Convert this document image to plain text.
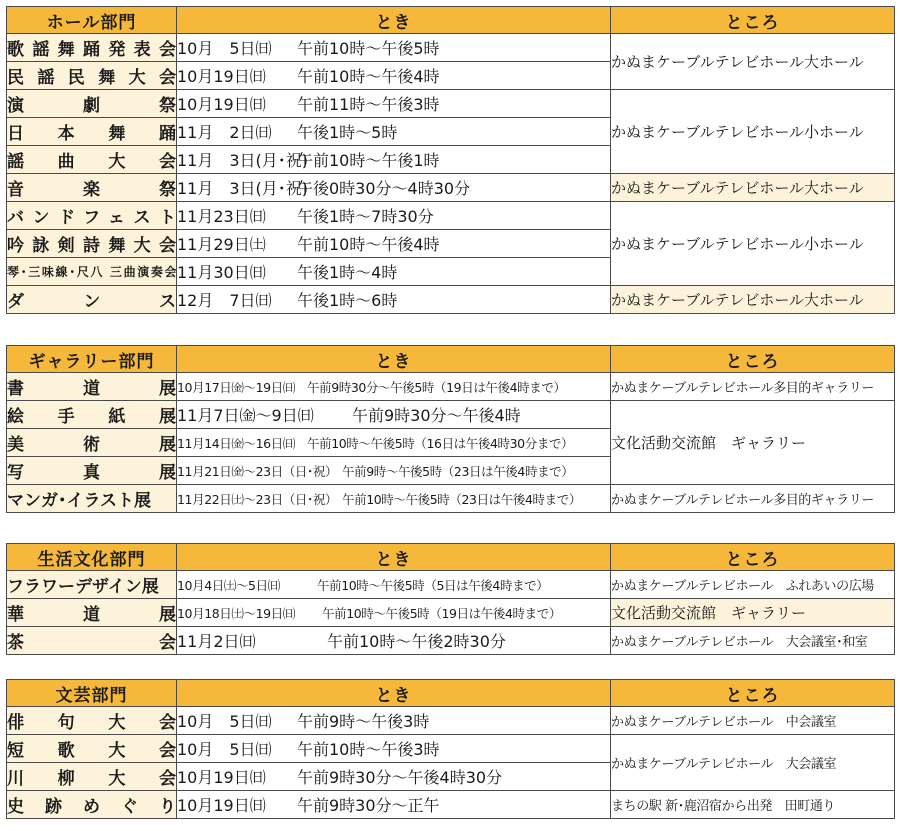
ホール部門	とき	ところ

歌謡舞踊発表会	10月　5日㈰ 午前10時〜午後5時	かぬまケーブルテレビホール大ホール

民謡民舞大会	10月19日㈰ 午前10時〜午後4時	

演劇祭	10月19日㈰ 午前11時〜午後3時	かぬまケーブルテレビホール小ホール

日本舞踊	11月　2日㈰ 午後1時〜5時	

謡曲大会	11月　3日(月･祝)午前10時〜午後1時	

音楽祭	11月　3日(月･祝)午後0時30分〜4時30分	かぬまケーブルテレビホール大ホール

バンドフェスト	11月23日㈰ 午後1時〜7時30分	かぬまケーブルテレビホール小ホール

吟詠剣詩舞大会	11月29日㈯ 午前10時〜午後4時	

琴･三味線･尺八 三曲演奏会	11月30日㈰ 午後1時〜4時	

ダンス	12月　7日㈰ 午後1時〜6時	かぬまケーブルテレビホール大ホール
ギャラリー部門	とき	ところ

書道展	10月17日㈮〜19日㈰ 午前9時30分〜午後5時（19日は午後4時まで）	かぬまケーブルテレビホール多目的ギャラリー

絵手紙展	11月7日㈮〜9日㈰ 午前9時30分〜午後4時	文化活動交流館　ギャラリー

美術展	11月14日㈮〜16日㈰ 午前10時〜午後5時（16日は午後4時30分まで）	

写真展	11月21日㈮〜23日（日･祝） 午前9時〜午後5時（23日は午後4時まで）	

マンガ･イラスト展	11月22日㈯〜23日（日･祝） 午前10時〜午後5時（23日は午後4時まで）	かぬまケーブルテレビホール多目的ギャラリー
生活文化部門	とき	ところ

フラワーデザイン展	10月4日㈯〜5日㈰ 午前10時〜午後5時（5日は午後4時まで）	かぬまケーブルテレビホール　ふれあいの広場

華道展	10月18日㈯〜19日㈰ 午前10時〜午後5時（19日は午後4時まで）	文化活動交流館　ギャラリー

茶会	11月2日㈰ 午前10時〜午後2時30分	かぬまケーブルテレビホール　大会議室･和室
文芸部門	とき	ところ

俳句大会	10月　5日㈰ 午前9時〜午後3時	かぬまケーブルテレビホール　中会議室

短歌大会	10月　5日㈰ 午前10時〜午後3時	かぬまケーブルテレビホール　大会議室

川柳大会	10月19日㈰ 午前9時30分〜午後4時30分	

史跡めぐり	10月19日㈰ 午前9時30分〜正午	まちの駅 新･鹿沼宿から出発　田町通り
